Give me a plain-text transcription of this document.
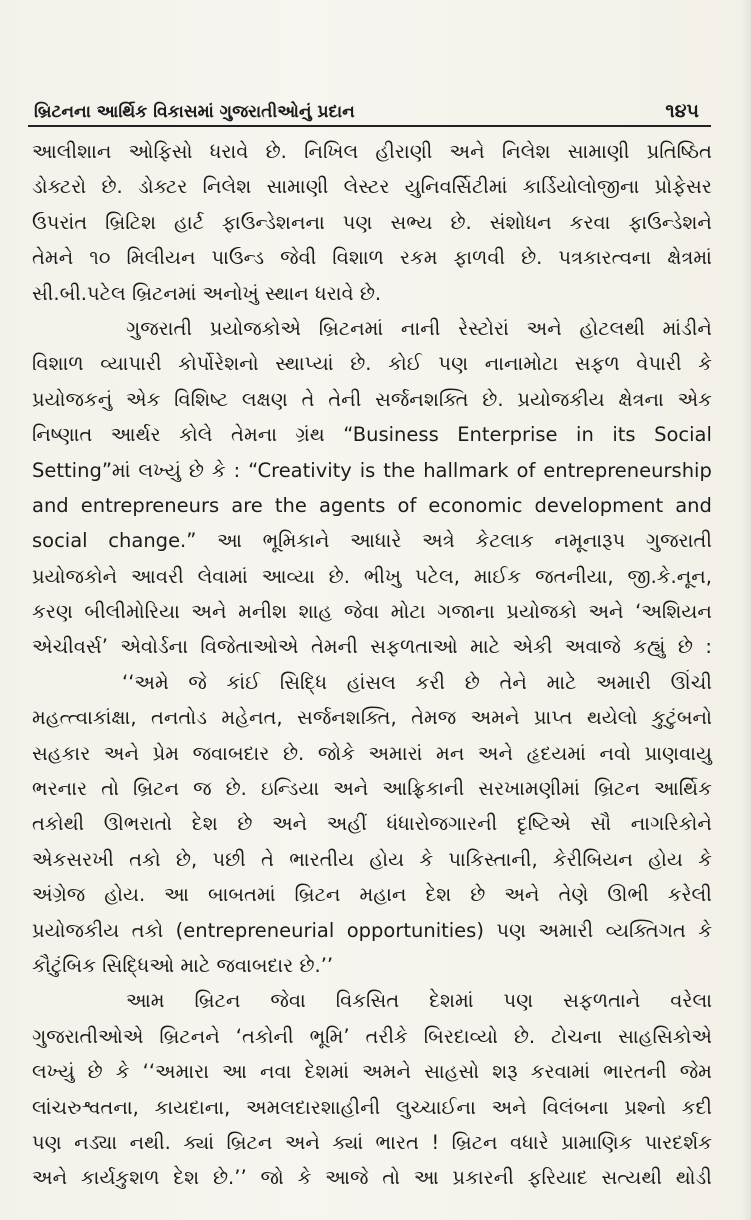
બ્રિટનના આર્થિક વિકાસમાં ગુજરાતીઓનું પ્રદાન	૧૪૫
આલીશાન ઓફિસો ધરાવે છે. નિખિલ હીરાણી અને નિલેશ સામાણી પ્રતિષ્ઠિત
ડોક્ટરો છે. ડોક્ટર નિલેશ સામાણી લેસ્ટર યુનિવર્સિટીમાં કાર્ડિયોલોજીના પ્રોફેસર
ઉપરાંત બ્રિટિશ હાર્ટ ફાઉન્ડેશનના પણ સભ્ય છે. સંશોધન કરવા ફાઉન્ડેશને
તેમને ૧૦ મિલીયન પાઉન્ડ જેવી વિશાળ રકમ ફાળવી છે. પત્રકારત્વના ક્ષેત્રમાં
સી.બી.પટેલ બ્રિટનમાં અનોખું સ્થાન ધરાવે છે.
ગુજરાતી પ્રયોજકોએ બ્રિટનમાં નાની રેસ્ટોરાં અને હોટલથી માંડીને
વિશાળ વ્યાપારી કોર્પોરેશનો સ્થાપ્યાં છે. કોઈ પણ નાનામોટા સફળ વેપારી કે
પ્રયોજકનું એક વિશિષ્ટ લક્ષણ તે તેની સર્જનશક્તિ છે. પ્રયોજકીય ક્ષેત્રના એક
નિષ્ણાત આર્થર કોલે તેમના ગ્રંથ “Business Enterprise in its Social
Setting”માં લખ્યું છે કે : “Creativity is the hallmark of entrepreneurship
and entrepreneurs are the agents of economic development and
social change.” આ ભૂમિકાને આધારે અત્રે કેટલાક નમૂનારૂપ ગુજરાતી
પ્રયોજકોને આવરી લેવામાં આવ્યા છે. ભીખુ પટેલ, માઈક જતનીયા, જી.કે.નૂન,
કરણ બીલીમોરિયા અને મનીશ શાહ જેવા મોટા ગજાના પ્રયોજકો અને ‘અશિયન
એચીવર્સ’ એવોર્ડના વિજેતાઓએ તેમની સફળતાઓ માટે એકી અવાજે કહ્યું છે :
‘‘અમે જે કાંઈ સિદ્ધિ હાંસલ કરી છે તેને માટે અમારી ઊંચી
મહત્ત્વાકાંક્ષા, તનતોડ મહેનત, સર્જનશક્તિ, તેમજ અમને પ્રાપ્ત થયેલો કુટુંબનો
સહકાર અને પ્રેમ જવાબદાર છે. જોકે અમારાં મન અને હૃદયમાં નવો પ્રાણવાયુ
ભરનાર તો બ્રિટન જ છે. ઇન્ડિયા અને આફ્રિકાની સરખામણીમાં બ્રિટન આર્થિક
તકોથી ઊભરાતો દેશ છે અને અહીં ધંધારોજગારની દૃષ્ટિએ સૌ નાગરિકોને
એકસરખી તકો છે, પછી તે ભારતીય હોય કે પાકિસ્તાની, કેરીબિયન હોય કે
અંગ્રેજ હોય. આ બાબતમાં બ્રિટન મહાન દેશ છે અને તેણે ઊભી કરેલી
પ્રયોજકીય તકો (entrepreneurial opportunities) પણ અમારી વ્યક્તિગત કે
કૌટુંબિક સિદ્ધિઓ માટે જવાબદાર છે.’’
આમ બ્રિટન જેવા વિકસિત દેશમાં પણ સફળતાને વરેલા
ગુજરાતીઓએ બ્રિટનને ‘તકોની ભૂમિ’ તરીકે બિરદાવ્યો છે. ટોચના સાહસિકોએ
લખ્યું છે કે ‘‘અમારા આ નવા દેશમાં અમને સાહસો શરૂ કરવામાં ભારતની જેમ
લાંચરુશ્વતના, કાયદાના, અમલદારશાહીની લુચ્ચાઈના અને વિલંબના પ્રશ્નો કદી
પણ નડ્યા નથી. ક્યાં બ્રિટન અને ક્યાં ભારત ! બ્રિટન વધારે પ્રામાણિક પારદર્શક
અને કાર્યકુશળ દેશ છે.’’ જો કે આજે તો આ પ્રકારની ફરિયાદ સત્યથી થોડી
